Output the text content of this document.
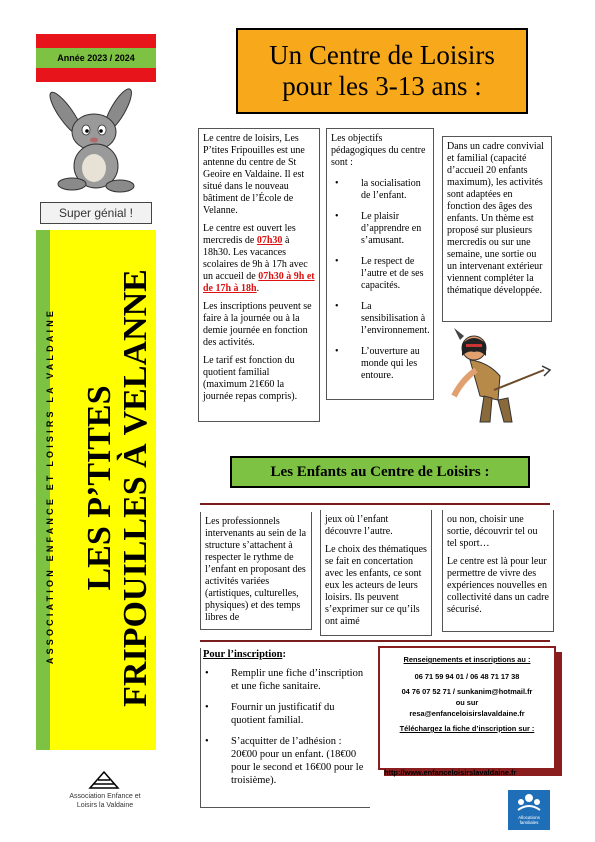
Année 2023 / 2024
Super génial !
ASSOCIATION ENFANCE ET LOISIRS LA VALDAINE LES P’TITES FRIPOUILLES À VELANNE
Association Enfance et
Loisirs la Valdaine
Un Centre de Loisirs
pour les 3-13 ans :

Le centre de loisirs, Les P’tites Fripouilles est une antenne du centre de St Geoire en Valdaine. Il est situé dans le nouveau bâtiment de l’École de Velanne.

Le centre est ouvert les mercredis de 07h30 à 18h30. Les vacances scolaires de 9h à 17h avec un accueil de 07h30 à 9h et de 17h à 18h.

Les inscriptions peuvent se faire à la journée ou à la demie journée en fonction des activités.

Le tarif est fonction du quotient familial (maximum 21€60 la journée repas compris).

Les objectifs pédagogiques du centre sont :

• la socialisation de l’enfant.
• Le plaisir d’apprendre en s’amusant.
• Le respect de l’autre et de ses capacités.
• La sensibilisation à l’environnement.
• L’ouverture au monde qui les entoure.

Dans un cadre convivial et familial (capacité d’accueil 20 enfants maximum), les activités sont adaptées en fonction des âges des enfants. Un thème est proposé sur plusieurs mercredis ou sur une semaine, une sortie ou un intervenant extérieur viennent compléter la thématique développée.

Les Enfants au Centre de Loisirs :

Les professionnels intervenants au sein de la structure s’attachent à respecter le rythme de l’enfant en proposant des activités variées (artistiques, culturelles, physiques) et des temps libres de

jeux où l’enfant découvre l’autre.

Le choix des thématiques se fait en concertation avec les enfants, ce sont eux les acteurs de leurs loisirs. Ils peuvent s’exprimer sur ce qu’ils ont aimé

ou non, choisir une sortie, découvrir tel ou tel sport…

Le centre est là pour leur permettre de vivre des expériences nouvelles en collectivité dans un cadre sécurisé.

Pour l’inscription:
• Remplir une fiche d’inscription et une fiche sanitaire.
• Fournir un justificatif du quotient familial.
• S’acquitter de l’adhésion : 20€00 pour un enfant. (18€00 pour le second et 16€00 pour le troisième).
Renseignements et inscriptions au :
06 71 59 94 01 / 06 48 71 17 38
04 76 07 52 71 / sunkanim@hotmail.fr
ou sur
resa@enfanceloisirslavaldaine.fr
Téléchargez la fiche d’inscription sur :
http://www.enfanceloisirslavaldaine.fr
Allocations
familiales
